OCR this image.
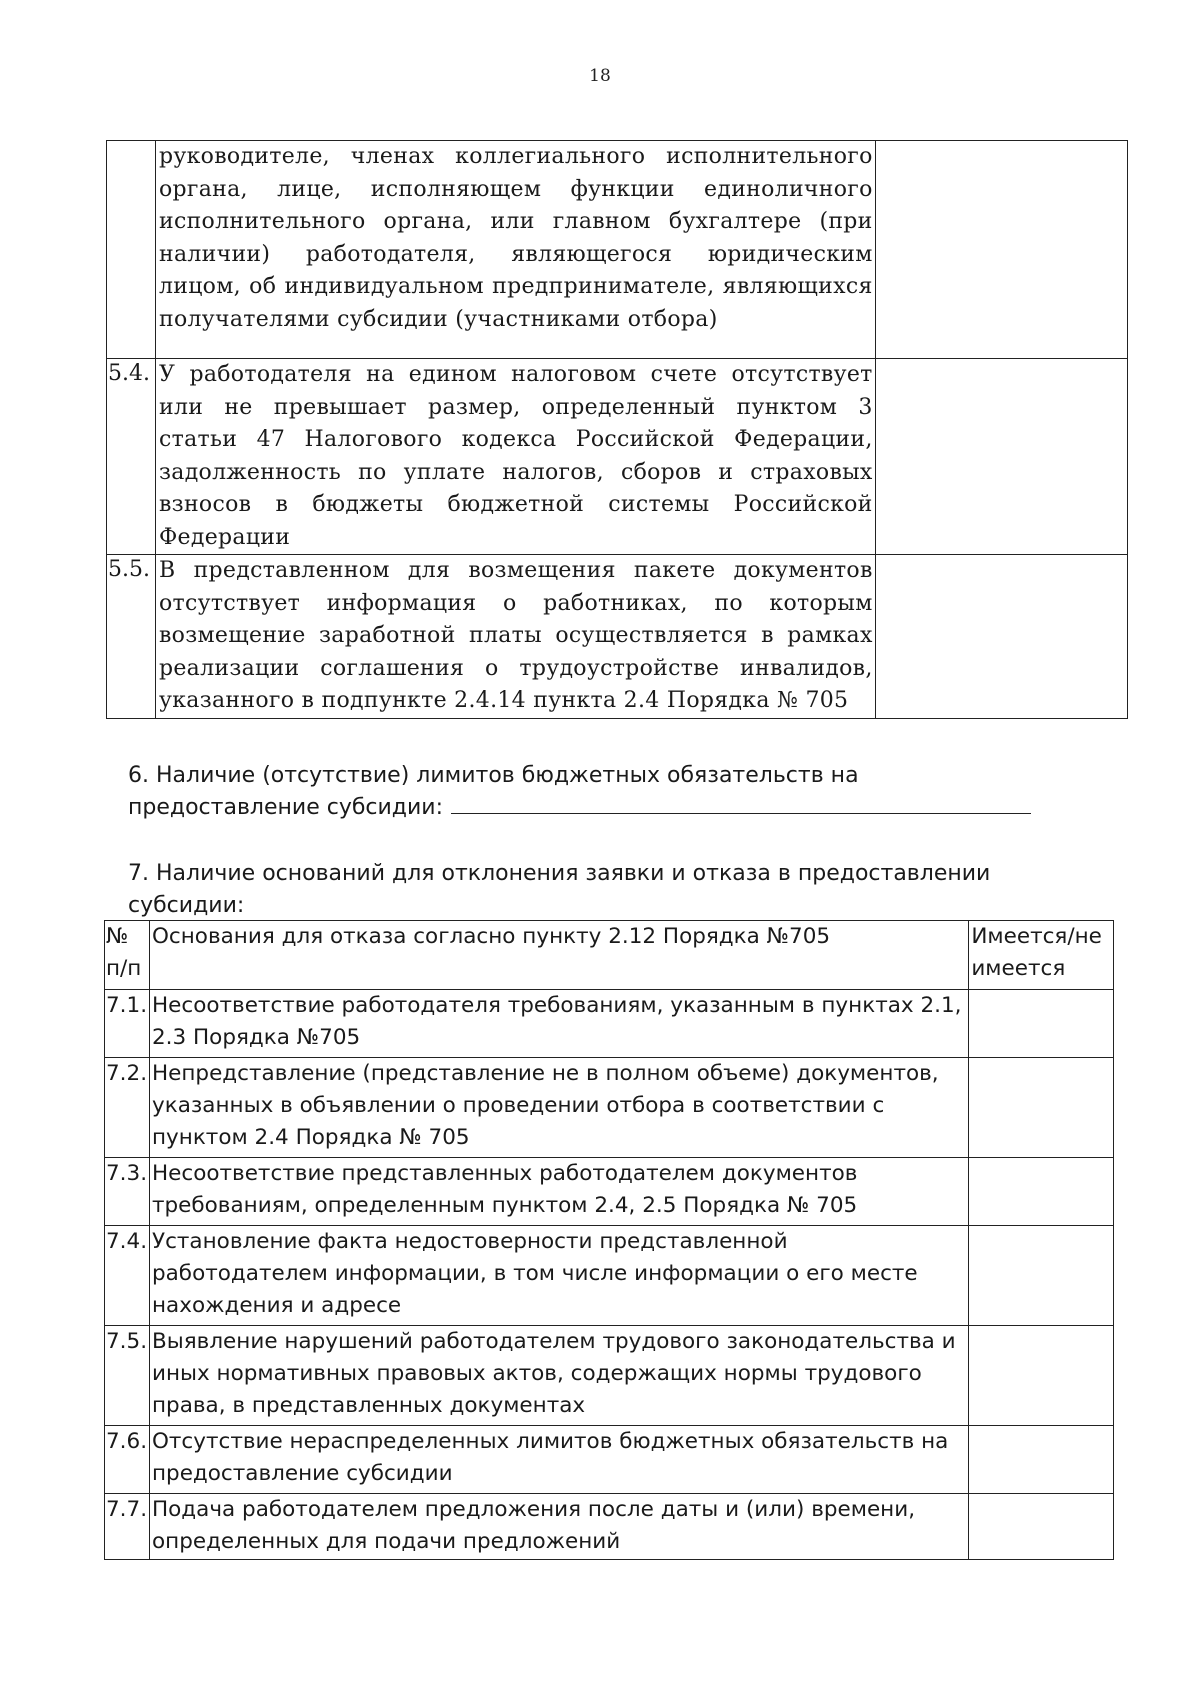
18
	руководителе, членах коллегиального исполнительного органа, лице, исполняющем функции единоличного исполнительного органа, или главном бухгалтере (при наличии) работодателя, являющегося юридическим лицом, об индивидуальном предпринимателе, являющихся получателями субсидии (участниками отбора)	
5.4.	У работодателя на едином налоговом счете отсутствует или не превышает размер, определенный пунктом 3 статьи 47 Налогового кодекса Российской Федерации, задолженность по уплате налогов, сборов и страховых взносов в бюджеты бюджетной системы Российской Федерации	
5.5.	В представленном для возмещения пакете документов отсутствует информация о работниках, по которым возмещение заработной платы осуществляется в рамках реализации соглашения о трудоустройстве инвалидов, указанного в подпункте 2.4.14 пункта 2.4 Порядка № 705	
6. Наличие (отсутствие) лимитов бюджетных обязательств на
предоставление субсидии:
7. Наличие оснований для отклонения заявки и отказа в предоставлении
субсидии:
№ п/п	Основания для отказа согласно пункту 2.12 Порядка №705	Имеется/не имеется
7.1.	Несоответствие работодателя требованиям, указанным в пунктах 2.1, 2.3 Порядка №705	
7.2.	Непредставление (представление не в полном объеме) документов, указанных в объявлении о проведении отбора в соответствии с пунктом 2.4 Порядка № 705	
7.3.	Несоответствие представленных работодателем документов требованиям, определенным пунктом 2.4, 2.5 Порядка № 705	
7.4.	Установление факта недостоверности представленной работодателем информации, в том числе информации о его месте нахождения и адресе	
7.5.	Выявление нарушений работодателем трудового законодательства и иных нормативных правовых актов, содержащих нормы трудового права, в представленных документах	
7.6.	Отсутствие нераспределенных лимитов бюджетных обязательств на предоставление субсидии	
7.7.	Подача работодателем предложения после даты и (или) времени, определенных для подачи предложений	
